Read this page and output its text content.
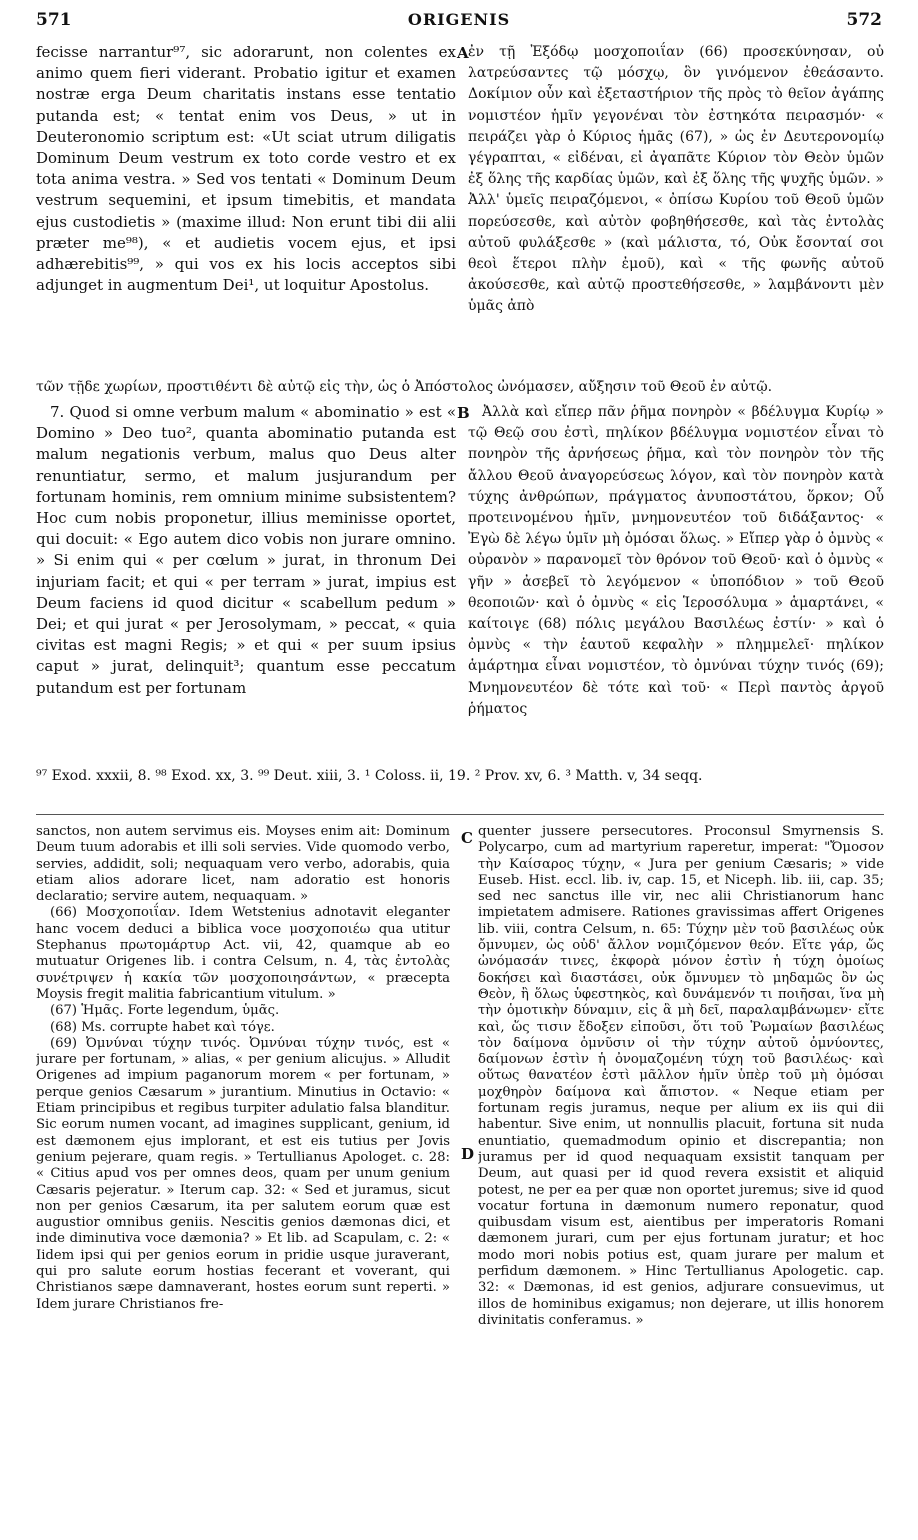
571	ORIGENIS	572
A
B
C
D

fecisse narrantur⁹⁷, sic adorarunt, non colentes ex animo quem fieri viderant. Probatio igitur et examen nostræ erga Deum charitatis instans esse tentatio putanda est; « tentat enim vos Deus, » ut in Deuteronomio scriptum est: «Ut sciat utrum diligatis Dominum Deum vestrum ex toto corde vestro et ex tota anima vestra. » Sed vos tentati « Dominum Deum vestrum sequemini, et ipsum timebitis, et mandata ejus custodietis » (maxime illud: Non erunt tibi dii alii præter me⁹⁸), « et audietis vocem ejus, et ipsi adhærebitis⁹⁹, » qui vos ex his locis acceptos sibi adjunget in augmentum Dei¹, ut loquitur Apostolus.

ἐν τῇ Ἐξόδῳ μοσχοποιΐαν (66) προσεκύνησαν, οὐ λατρεύσαντες τῷ μόσχῳ, ὃν γινόμενον ἐθεάσαντο. Δοκίμιον οὖν καὶ ἐξεταστήριον τῆς πρὸς τὸ θεῖον ἀγάπης νομιστέον ἡμῖν γεγονέναι τὸν ἐστηκότα πειρασμόν· « πειράζει γὰρ ὁ Κύριος ἡμᾶς (67), » ὡς ἐν Δευτερονομίῳ γέγραπται, « εἰδέναι, εἰ ἀγαπᾶτε Κύριον τὸν Θεὸν ὑμῶν ἐξ ὅλης τῆς καρδίας ὑμῶν, καὶ ἐξ ὅλης τῆς ψυχῆς ὑμῶν. » Ἀλλ' ὑμεῖς πειραζόμενοι, « ὀπίσω Κυρίου τοῦ Θεοῦ ὑμῶν πορεύσεσθε, καὶ αὐτὸν φοβηθήσεσθε, καὶ τὰς ἐντολὰς αὐτοῦ φυλάξεσθε » (καὶ μάλιστα, τό, Οὐκ ἔσονταί σοι θεοὶ ἕτεροι πλὴν ἐμοῦ), καὶ « τῆς φωνῆς αὐτοῦ ἀκούσεσθε, καὶ αὐτῷ προστεθήσεσθε, » λαμβάνοντι μὲν ὑμᾶς ἀπὸ

τῶν τῇδε χωρίων, προστιθέντι δὲ αὐτῷ εἰς τὴν, ὡς ὁ Ἀπόστολος ὠνόμασεν, αὔξησιν τοῦ Θεοῦ ἐν αὐτῷ.

7. Quod si omne verbum malum « abominatio » est « Domino » Deo tuo², quanta abominatio putanda est malum negationis verbum, malus quo Deus alter renuntiatur, sermo, et malum jusjurandum per fortunam hominis, rem omnium minime subsistentem? Hoc cum nobis proponetur, illius meminisse oportet, qui docuit: « Ego autem dico vobis non jurare omnino. » Si enim qui « per cœlum » jurat, in thronum Dei injuriam facit; et qui « per terram » jurat, impius est Deum faciens id quod dicitur « scabellum pedum » Dei; et qui jurat « per Jerosolymam, » peccat, « quia civitas est magni Regis; » et qui « per suum ipsius caput » jurat, delinquit³; quantum esse peccatum putandum est per fortunam

Ἀλλὰ καὶ εἴπερ πᾶν ῥῆμα πονηρὸν « βδέλυγμα Κυρίῳ » τῷ Θεῷ σου ἐστὶ, πηλίκον βδέλυγμα νομιστέον εἶναι τὸ πονηρὸν τῆς ἀρνήσεως ῥῆμα, καὶ τὸν πονηρὸν τὸν τῆς ἄλλου Θεοῦ ἀναγορεύσεως λόγον, καὶ τὸν πονηρὸν κατὰ τύχης ἀνθρώπων, πράγματος ἀνυποστάτου, ὅρκον; Οὗ προτεινομένου ἡμῖν, μνημονευτέον τοῦ διδάξαντος· « Ἐγὼ δὲ λέγω ὑμῖν μὴ ὀμόσαι ὅλως. » Εἴπερ γὰρ ὁ ὀμνὺς « οὐρανὸν » παρανομεῖ τὸν θρόνον τοῦ Θεοῦ· καὶ ὁ ὀμνὺς « γῆν » ἀσεβεῖ τὸ λεγόμενον « ὑποπόδιον » τοῦ Θεοῦ θεοποιῶν· καὶ ὁ ὀμνὺς « εἰς Ἱεροσόλυμα » ἁμαρτάνει, « καίτοιγε (68) πόλις μεγάλου Βασιλέως ἐστίν· » καὶ ὁ ὀμνὺς « τὴν ἑαυτοῦ κεφαλὴν » πλημμελεῖ· πηλίκον ἁμάρτημα εἶναι νομιστέον, τὸ ὀμνύναι τύχην τινός (69); Μνημονευτέον δὲ τότε καὶ τοῦ· « Περὶ παντὸς ἀργοῦ ῥήματος

⁹⁷ Exod. xxxii, 8. ⁹⁸ Exod. xx, 3. ⁹⁹ Deut. xiii, 3. ¹ Coloss. ii, 19. ² Prov. xv, 6. ³ Matth. v, 34 seqq.

sanctos, non autem servimus eis. Moyses enim ait: Dominum Deum tuum adorabis et illi soli servies. Vide quomodo verbo, servies, addidit, soli; nequaquam vero verbo, adorabis, quia etiam alios adorare licet, nam adoratio est honoris declaratio; servire autem, nequaquam. »

(66) Μοσχοποιΐαν. Idem Wetstenius adnotavit eleganter hanc vocem deduci a biblica voce μοσχοποιέω qua utitur Stephanus πρωτομάρτυρ Act. vii, 42, quamque ab eo mutuatur Origenes lib. i contra Celsum, n. 4, τὰς ἐντολὰς συνέτριψεν ἡ κακία τῶν μοσχοποιησάντων, « præcepta Moysis fregit malitia fabricantium vitulum. »

(67) Ἡμᾶς. Forte legendum, ὑμᾶς.

(68) Ms. corrupte habet καὶ τόγε.

(69) Ὀμνύναι τύχην τινός. Ὀμνύναι τύχην τινός, est « jurare per fortunam, » alias, « per genium alicujus. » Alludit Origenes ad impium paganorum morem « per fortunam, » perque genios Cæsarum » jurantium. Minutius in Octavio: « Etiam principibus et regibus turpiter adulatio falsa blanditur. Sic eorum numen vocant, ad imagines supplicant, genium, id est dæmonem ejus implorant, et est eis tutius per Jovis genium pejerare, quam regis. » Tertullianus Apologet. c. 28: « Citius apud vos per omnes deos, quam per unum genium Cæsaris pejeratur. » Iterum cap. 32: « Sed et juramus, sicut non per genios Cæsarum, ita per salutem eorum quæ est augustior omnibus geniis. Nescitis genios dæmonas dici, et inde diminutiva voce dæmonia? » Et lib. ad Scapulam, c. 2: « Iidem ipsi qui per genios eorum in pridie usque juraverant, qui pro salute eorum hostias fecerant et voverant, qui Christianos sæpe damnaverant, hostes eorum sunt reperti. » Idem jurare Christianos fre-

quenter jussere persecutores. Proconsul Smyrnensis S. Polycarpo, cum ad martyrium raperetur, imperat: "Ὄμοσον τὴν Καίσαρος τύχην, « Jura per genium Cæsaris; » vide Euseb. Hist. eccl. lib. iv, cap. 15, et Niceph. lib. iii, cap. 35; sed nec sanctus ille vir, nec alii Christianorum hanc impietatem admisere. Rationes gravissimas affert Origenes lib. viii, contra Celsum, n. 65: Τύχην μὲν τοῦ βασιλέως οὐκ ὄμνυμεν, ὡς οὐδ' ἄλλον νομιζόμενον θεόν. Εἴτε γάρ, ὥς ὠνόμασάν τινες, ἐκφορὰ μόνον ἐστὶν ἡ τύχη ὁμοίως δοκήσει καὶ διαστάσει, οὐκ ὄμνυμεν τὸ μηδαμῶς ὂν ὡς Θεὸν, ἢ ὅλως ὑφεστηκὸς, καὶ δυνάμενόν τι ποιῆσαι, ἵνα μὴ τὴν ὁμοτικὴν δύναμιν, εἰς ἃ μὴ δεῖ, παραλαμβάνωμεν· εἴτε καὶ, ὥς τισιν ἔδοξεν εἰποῦσι, ὅτι τοῦ Ῥωμαίων βασιλέως τὸν δαίμονα ὀμνῦσιν οἱ τὴν τύχην αὐτοῦ ὀμνύοντες, δαίμονων ἐστὶν ἡ ὀνομαζομένη τύχη τοῦ βασιλέως· καὶ οὕτως θανατέον ἐστὶ μᾶλλον ἡμῖν ὑπὲρ τοῦ μὴ ὀμόσαι μοχθηρὸν δαίμονα καὶ ἄπιστον. « Neque etiam per fortunam regis juramus, neque per alium ex iis qui dii habentur. Sive enim, ut nonnullis placuit, fortuna sit nuda enuntiatio, quemadmodum opinio et discrepantia; non juramus per id quod nequaquam exsistit tanquam per Deum, aut quasi per id quod revera exsistit et aliquid potest, ne per ea per quæ non oportet juremus; sive id quod vocatur fortuna in dæmonum numero reponatur, quod quibusdam visum est, aientibus per imperatoris Romani dæmonem jurari, cum per ejus fortunam juratur; et hoc modo mori nobis potius est, quam jurare per malum et perfidum dæmonem. » Hinc Tertullianus Apologetic. cap. 32: « Dæmonas, id est genios, adjurare consuevimus, ut illos de hominibus exigamus; non dejerare, ut illis honorem divinitatis conferamus. »
